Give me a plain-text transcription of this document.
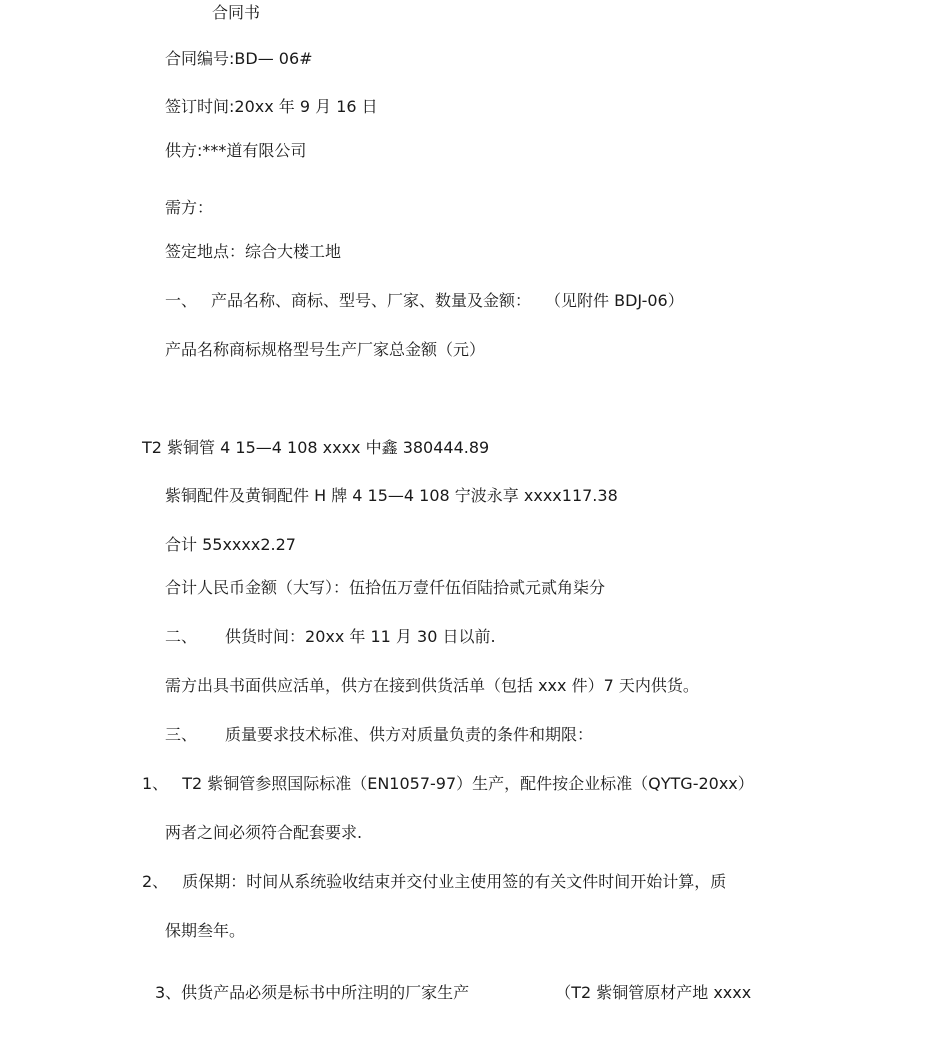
合同书
合同编号:BD— 06#
签订时间:20xx 年 9 月 16 日
供方:***道有限公司
需方：
签定地点：综合大楼工地
一、 产品名称、商标、型号、厂家、数量及金额： （见附件 BDJ-06）
产品名称商标规格型号生产厂家总金额（元）
T2 紫铜管 4 15—4 108 xxxx 中鑫 380444.89
紫铜配件及黄铜配件 H 牌 4 15—4 108 宁波永享 xxxx117.38
合计 55xxxx2.27
合计人民币金额（大写）：伍拾伍万壹仟伍佰陆拾贰元贰角柒分
二、 供货时间：20xx 年 11 月 30 日以前.
需方出具书面供应活单，供方在接到供货活单（包括 xxx 件）7 天内供货。
三、 质量要求技术标准、供方对质量负责的条件和期限：
1、 T2 紫铜管参照国际标准（EN1057-97）生产，配件按企业标准（QYTG-20xx）
两者之间必须符合配套要求.
2、 质保期：时间从系统验收结束并交付业主使用签的有关文件时间开始计算，质
保期叁年。
3、供货产品必须是标书中所注明的厂家生产	（T2 紫铜管原材产地 xxxx
